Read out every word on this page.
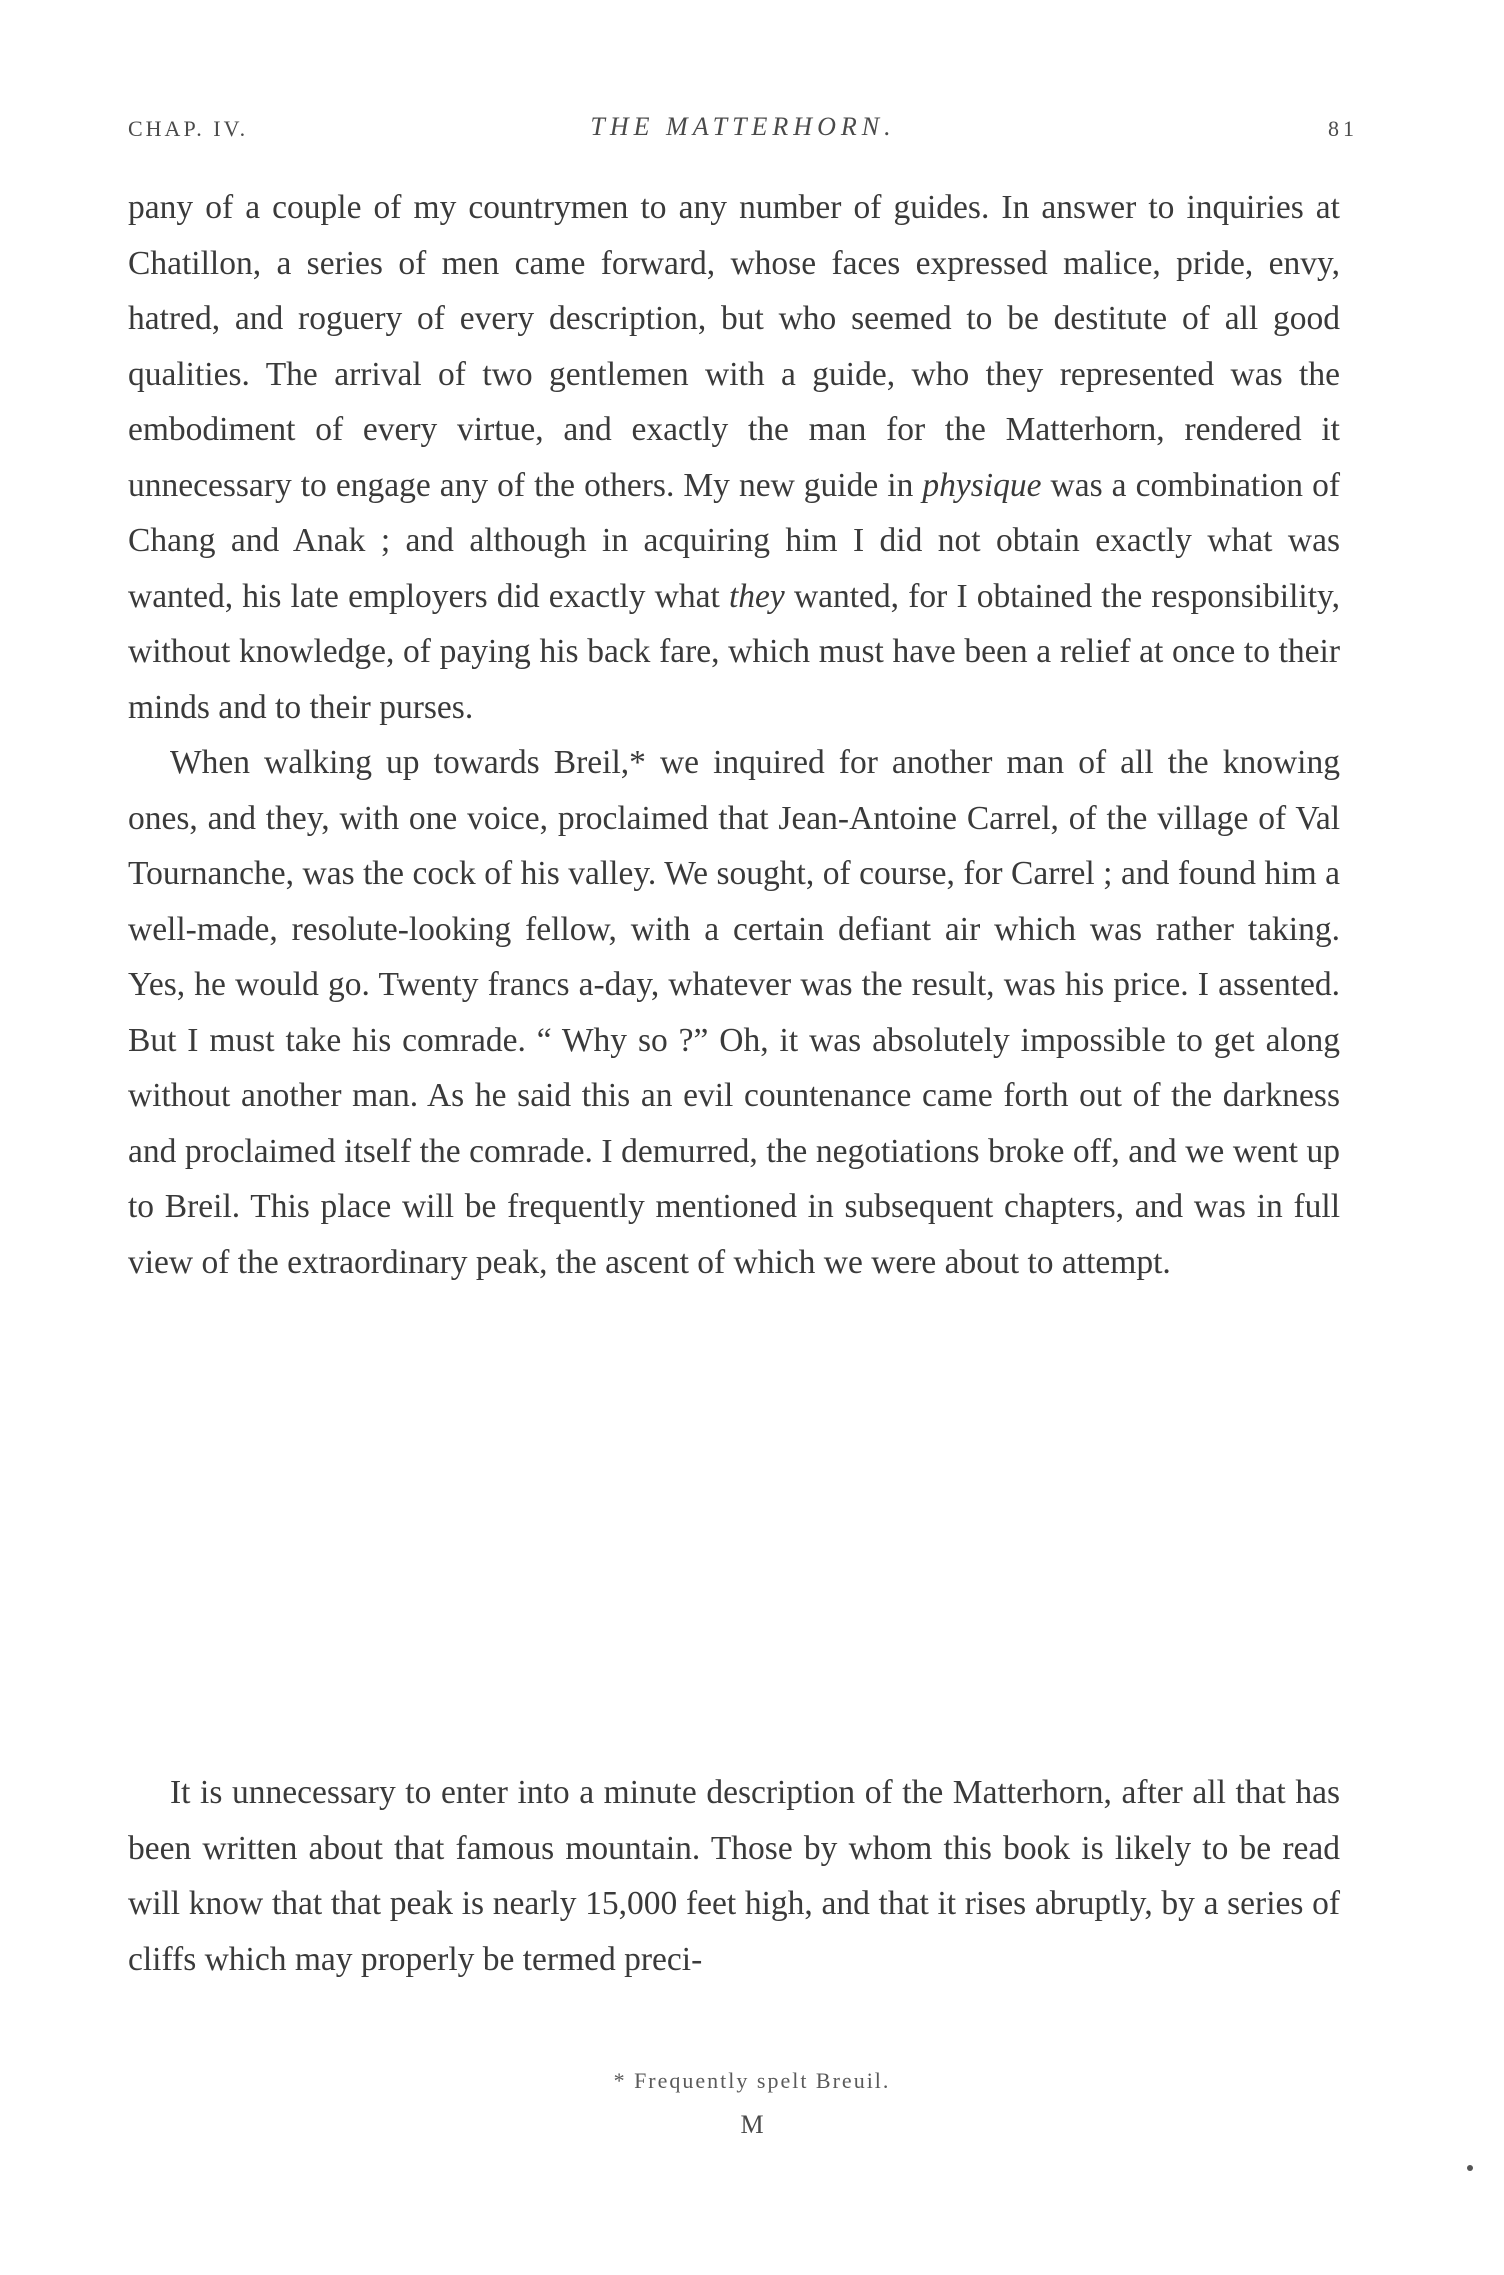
CHAP. IV.	THE MATTERHORN.	81

pany of a couple of my countrymen to any number of guides. In answer to inquiries at Chatillon, a series of men came forward, whose faces expressed malice, pride, envy, hatred, and roguery of every description, but who seemed to be destitute of all good qualities. The arrival of two gentlemen with a guide, who they represented was the embodiment of every virtue, and exactly the man for the Matterhorn, rendered it unnecessary to engage any of the others. My new guide in physique was a combination of Chang and Anak ; and although in acquiring him I did not obtain exactly what was wanted, his late employers did exactly what they wanted, for I obtained the responsibility, without knowledge, of paying his back fare, which must have been a relief at once to their minds and to their purses.

When walking up towards Breil,* we inquired for another man of all the knowing ones, and they, with one voice, proclaimed that Jean-Antoine Carrel, of the village of Val Tournanche, was the cock of his valley. We sought, of course, for Carrel ; and found him a well-made, resolute-looking fellow, with a certain defiant air which was rather taking. Yes, he would go. Twenty francs a-day, whatever was the result, was his price. I assented. But I must take his comrade. “ Why so ?” Oh, it was absolutely impossible to get along without another man. As he said this an evil countenance came forth out of the darkness and proclaimed itself the comrade. I demurred, the negotiations broke off, and we went up to Breil. This place will be frequently mentioned in subsequent chapters, and was in full view of the extraordinary peak, the ascent of which we were about to attempt.

It is unnecessary to enter into a minute description of the Matterhorn, after all that has been written about that famous mountain. Those by whom this book is likely to be read will know that that peak is nearly 15,000 feet high, and that it rises abruptly, by a series of cliffs which may properly be termed preci-

* Frequently spelt Breuil.
M
